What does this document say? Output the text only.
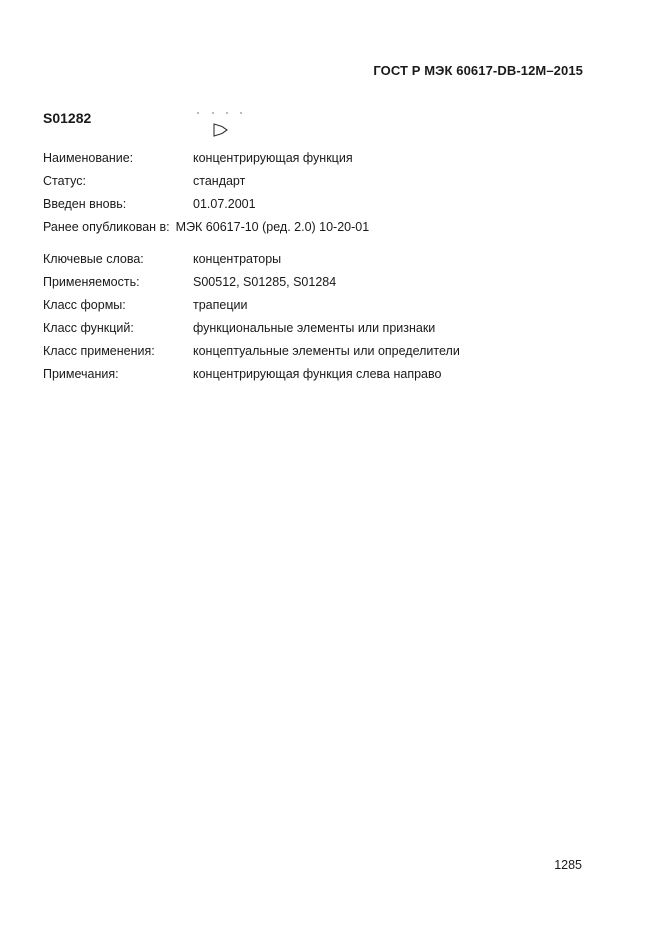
ГОСТ Р МЭК 60617-DB-12M–2015
S01282
Наименование:	концентрирующая функция
Статус:	стандарт
Введен вновь:	01.07.2001
Ранее опубликован в: МЭК 60617-10 (ред. 2.0) 10-20-01
Ключевые слова:	концентраторы
Применяемость:	S00512, S01285, S01284
Класс формы:	трапеции
Класс функций:	функциональные элементы или признаки
Класс применения:	концептуальные элементы или определители
Примечания:	концентрирующая функция слева направо
1285
